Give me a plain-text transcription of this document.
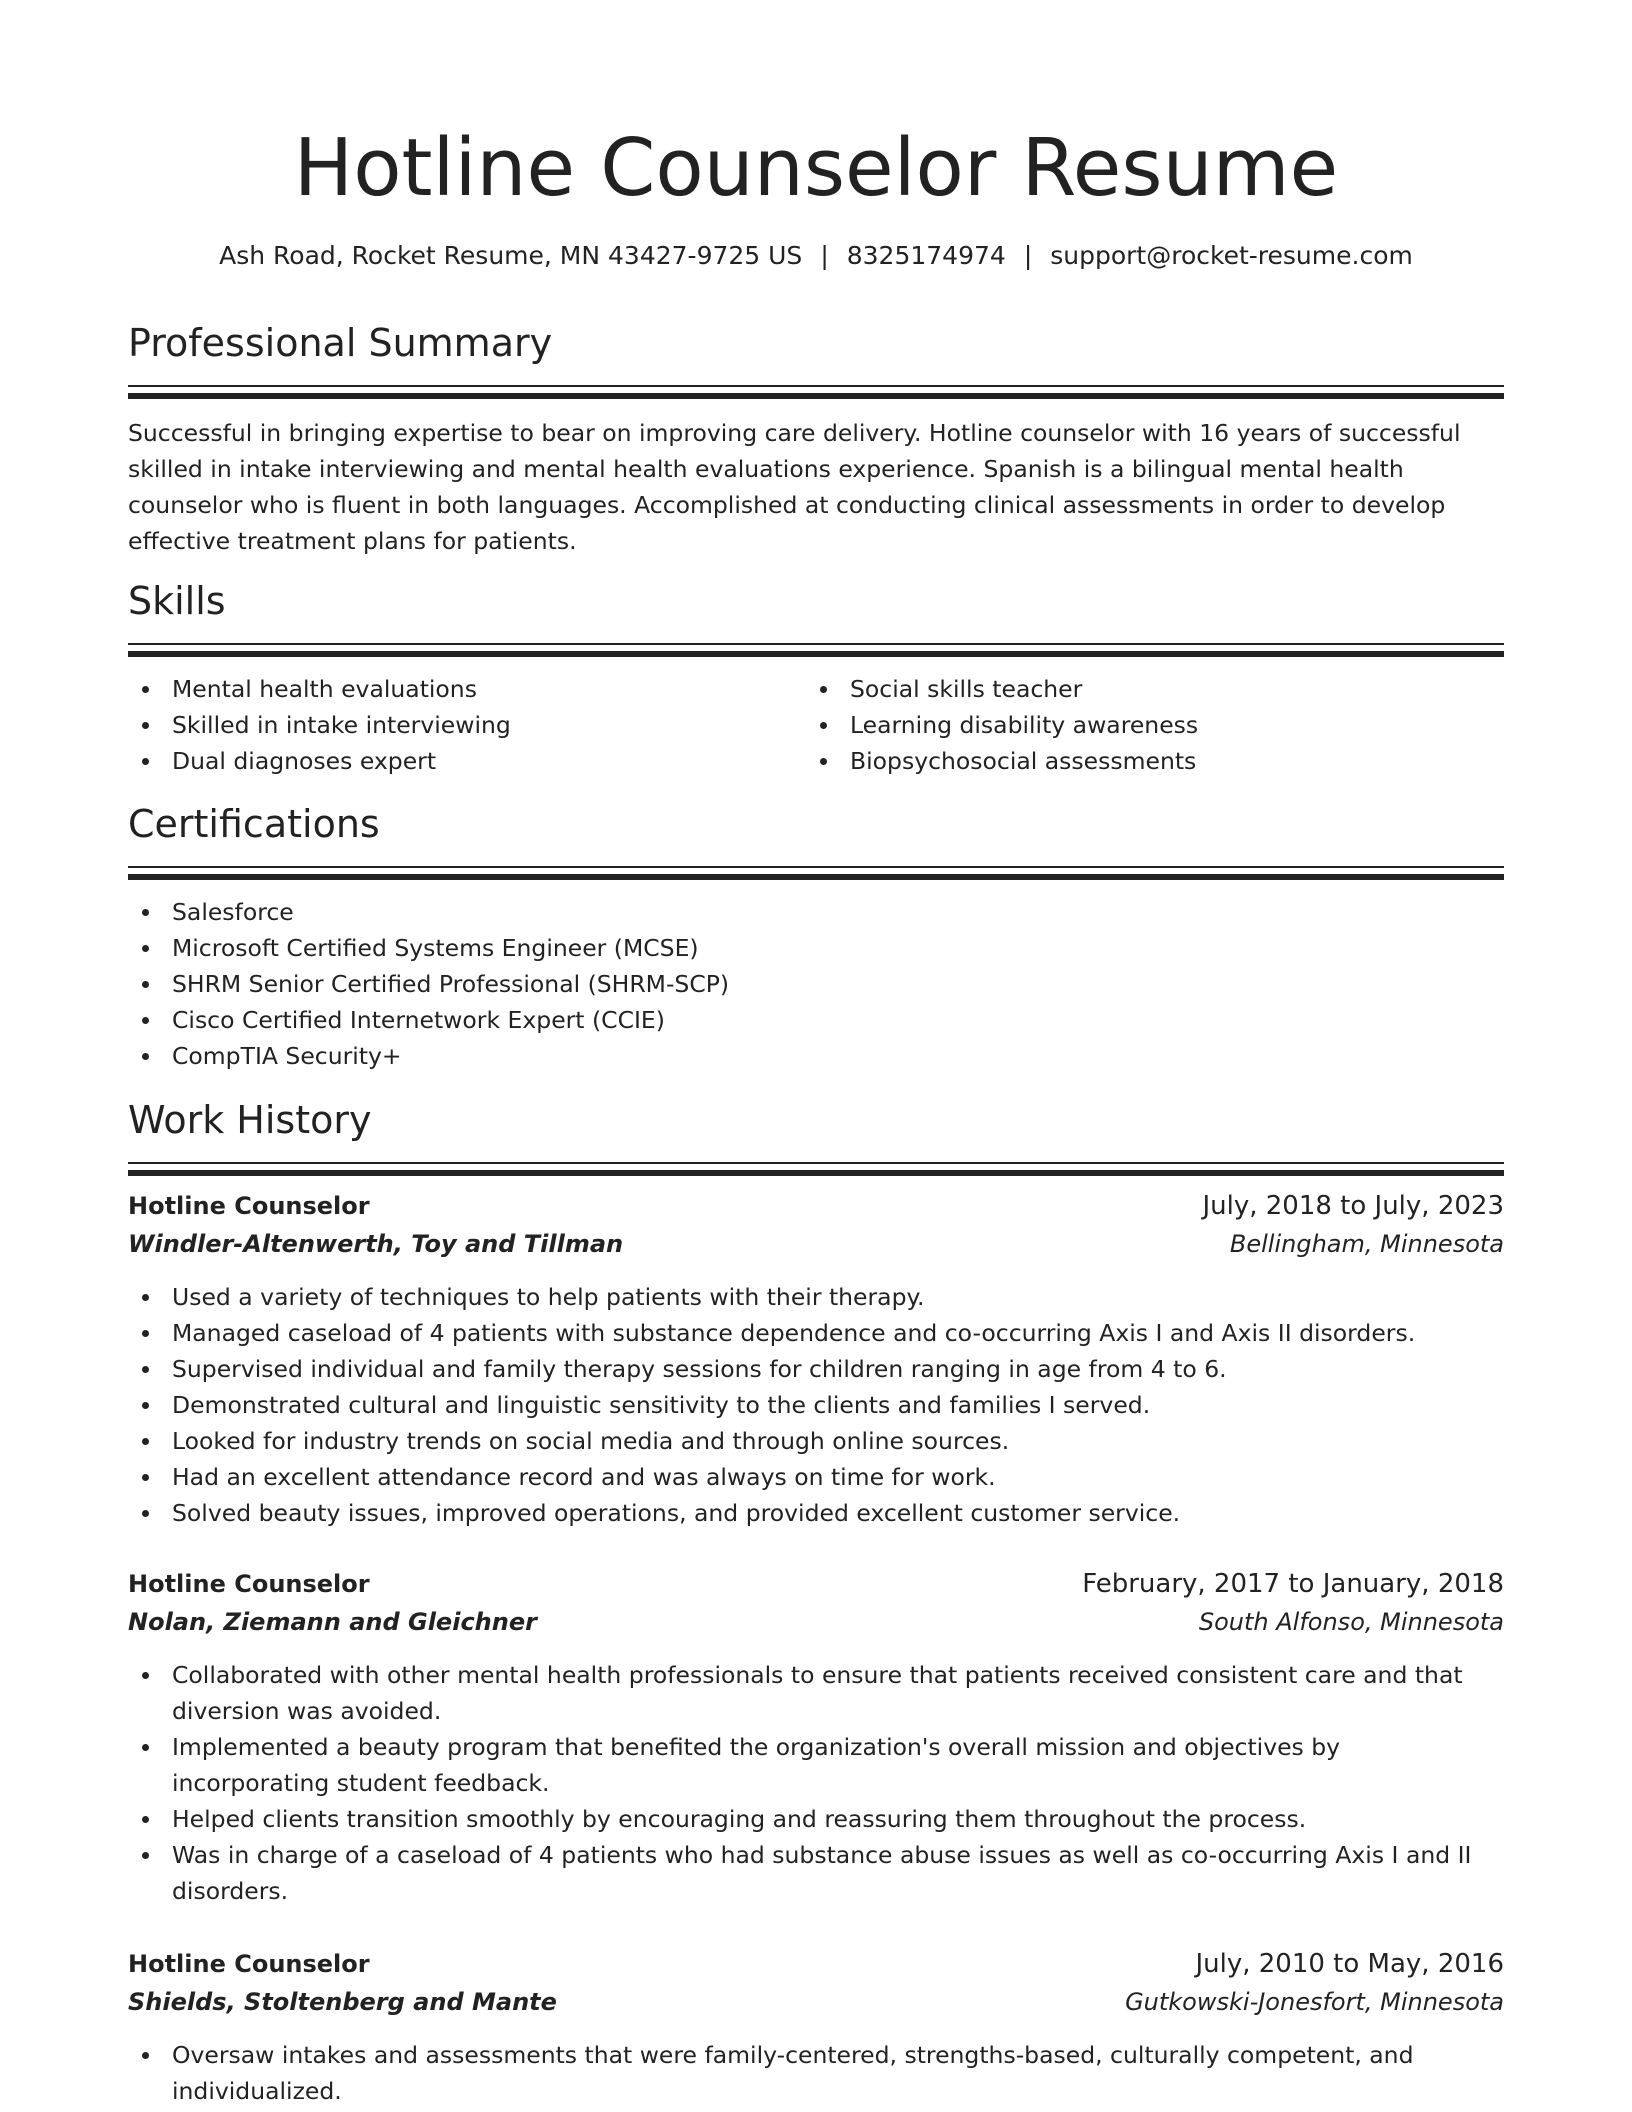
Hotline Counselor Resume
Ash Road, Rocket Resume, MN 43427-9725 US | 8325174974 | support@rocket-resume.com
Professional Summary
Successful in bringing expertise to bear on improving care delivery. Hotline counselor with 16 years of successful skilled in intake interviewing and mental health evaluations experience. Spanish is a bilingual mental health counselor who is fluent in both languages. Accomplished at conducting clinical assessments in order to develop effective treatment plans for patients.
Skills
Mental health evaluations
Skilled in intake interviewing
Dual diagnoses expert
Social skills teacher
Learning disability awareness
Biopsychosocial assessments
Certifications
Salesforce
Microsoft Certified Systems Engineer (MCSE)
SHRM Senior Certified Professional (SHRM-SCP)
Cisco Certified Internetwork Expert (CCIE)
CompTIA Security+
Work History
Hotline Counselor	July, 2018 to July, 2023
Windler-Altenwerth, Toy and Tillman	Bellingham, Minnesota
Used a variety of techniques to help patients with their therapy.
Managed caseload of 4 patients with substance dependence and co-occurring Axis I and Axis II disorders.
Supervised individual and family therapy sessions for children ranging in age from 4 to 6.
Demonstrated cultural and linguistic sensitivity to the clients and families I served.
Looked for industry trends on social media and through online sources.
Had an excellent attendance record and was always on time for work.
Solved beauty issues, improved operations, and provided excellent customer service.
Hotline Counselor	February, 2017 to January, 2018
Nolan, Ziemann and Gleichner	South Alfonso, Minnesota
Collaborated with other mental health professionals to ensure that patients received consistent care and that diversion was avoided.
Implemented a beauty program that benefited the organization's overall mission and objectives by incorporating student feedback.
Helped clients transition smoothly by encouraging and reassuring them throughout the process.
Was in charge of a caseload of 4 patients who had substance abuse issues as well as co-occurring Axis I and II disorders.
Hotline Counselor	July, 2010 to May, 2016
Shields, Stoltenberg and Mante	Gutkowski-Jonesfort, Minnesota
Oversaw intakes and assessments that were family-centered, strengths-based, culturally competent, and individualized.
